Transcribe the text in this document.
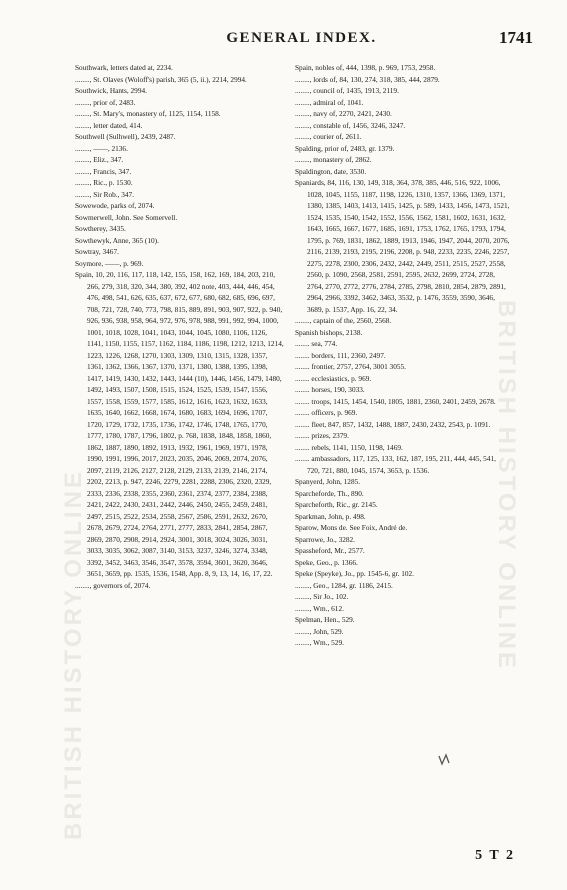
GENERAL INDEX.	1741

Southwark, letters dated at, 2234.

........, St. Olaves (Woloff's) parish, 365 (5, ii.), 2214, 2994.

Southwick, Hants, 2994.

........, prior of, 2483.

........, St. Mary's, monastery of, 1125, 1154, 1158.

........, letter dated, 414.

Southwell (Sulhwell), 2439, 2487.

........, ——, 2136.

........, Eliz., 347.

........, Francis, 347.

........, Ric., p. 1530.

........, Sir Rob., 347.

Sowewode, parks of, 2074.

Sowmerwell, John. See Somervell.

Sowtherey, 3435.

Sowthewyk, Anne, 365 (10).

Sowtray, 3467.

Soymore, ——, p. 969.

Spain, 10, 20, 116, 117, 118, 142, 155, 158, 162, 169, 184, 203, 210, 266, 279, 318, 320, 344, 380, 392, 402 note, 403, 444, 446, 454, 476, 498, 541, 626, 635, 637, 672, 677, 680, 682, 685, 696, 697, 708, 721, 728, 740, 773, 798, 815, 889, 891, 903, 907, 922, p. 940, 926, 936, 938, 958, 964, 972, 976, 978, 988, 991, 992, 994, 1000, 1001, 1018, 1028, 1041, 1043, 1044, 1045, 1080, 1106, 1126, 1141, 1150, 1155, 1157, 1162, 1184, 1186, 1198, 1212, 1213, 1214, 1223, 1226, 1268, 1270, 1303, 1309, 1310, 1315, 1328, 1357, 1361, 1362, 1366, 1367, 1370, 1371, 1380, 1388, 1395, 1398, 1417, 1419, 1430, 1432, 1443, 1444 (10), 1446, 1456, 1479, 1480, 1492, 1493, 1507, 1508, 1515, 1524, 1525, 1539, 1547, 1556, 1557, 1558, 1559, 1577, 1585, 1612, 1616, 1623, 1632, 1633, 1635, 1640, 1662, 1668, 1674, 1680, 1683, 1694, 1696, 1707, 1720, 1729, 1732, 1735, 1736, 1742, 1746, 1748, 1765, 1770, 1777, 1780, 1787, 1796, 1802, p. 768, 1838, 1848, 1858, 1860, 1862, 1887, 1890, 1892, 1913, 1932, 1961, 1969, 1971, 1978, 1990, 1991, 1996, 2017, 2023, 2035, 2046, 2069, 2074, 2076, 2097, 2119, 2126, 2127, 2128, 2129, 2133, 2139, 2146, 2174, 2202, 2213, p. 947, 2246, 2279, 2281, 2288, 2306, 2320, 2329, 2333, 2336, 2338, 2355, 2360, 2361, 2374, 2377, 2384, 2388, 2421, 2422, 2430, 2431, 2442, 2446, 2450, 2455, 2459, 2481, 2497, 2515, 2522, 2534, 2558, 2567, 2586, 2591, 2632, 2670, 2678, 2679, 2724, 2764, 2771, 2777, 2833, 2841, 2854, 2867, 2869, 2870, 2908, 2914, 2924, 3001, 3018, 3024, 3026, 3031, 3033, 3035, 3062, 3087, 3140, 3153, 3237, 3246, 3274, 3348, 3392, 3452, 3463, 3546, 3547, 3578, 3594, 3601, 3620, 3646, 3651, 3659, pp. 1535, 1536, 1548, App. 8, 9, 13, 14, 16, 17, 22.

........, governors of, 2074.

Spain, nobles of, 444, 1398, p. 969, 1753, 2958.

........, lords of, 84, 130, 274, 318, 385, 444, 2879.

........, council of, 1435, 1913, 2119.

........, admiral of, 1041.

........, navy of, 2270, 2421, 2430.

........, constable of, 1456, 3246, 3247.

........, courier of, 2611.

Spalding, prior of, 2483, gr. 1379.

........, monastery of, 2862.

Spaldington, date, 3530.

Spaniards, 84, 116, 130, 149, 318, 364, 378, 385, 446, 516, 922, 1006, 1028, 1045, 1155, 1187, 1198, 1226, 1310, 1357, 1366, 1369, 1371, 1380, 1385, 1403, 1413, 1415, 1425, p. 589, 1433, 1456, 1473, 1521, 1524, 1535, 1540, 1542, 1552, 1556, 1562, 1581, 1602, 1631, 1632, 1643, 1665, 1667, 1677, 1685, 1691, 1753, 1762, 1765, 1793, 1794, 1795, p. 769, 1831, 1862, 1889, 1913, 1946, 1947, 2044, 2070, 2076, 2116, 2139, 2193, 2195, 2196, 2208, p. 948, 2233, 2235, 2246, 2257, 2275, 2278, 2300, 2306, 2432, 2442, 2449, 2511, 2515, 2527, 2558, 2560, p. 1090, 2568, 2581, 2591, 2595, 2632, 2699, 2724, 2728, 2764, 2770, 2772, 2776, 2784, 2785, 2798, 2810, 2854, 2879, 2891, 2964, 2966, 3392, 3462, 3463, 3532, p. 1476, 3559, 3590, 3646, 3689, p. 1537, App. 16, 22, 34.

........, captain of the, 2560, 2568.

Spanish bishops, 2138.

........ sea, 774.

........ borders, 111, 2360, 2497.

........ frontier, 2757, 2764, 3001 3055.

........ ecclesiastics, p. 969.

........ horses, 190, 3033.

........ troops, 1415, 1454, 1540, 1805, 1881, 2360, 2401, 2459, 2678.

........ officers, p. 969.

........ fleet, 847, 857, 1432, 1488, 1887, 2430, 2432, 2543, p. 1091.

........ prizes, 2379.

........ rebels, 1141, 1150, 1198, 1469.

........ ambassadors, 117, 125, 133, 162, 187, 195, 211, 444, 445, 541, 720, 721, 880, 1045, 1574, 3653, p. 1536.

Spanyerd, John, 1285.

Sparcheforde, Th., 890.

Sparcheforth, Ric., gr. 2145.

Sparkman, John, p. 498.

Sparow, Mons de. See Foix, André de.

Sparrowe, Jo., 3282.

Spassheford, Mr., 2577.

Speke, Geo., p. 1366.

Speke (Speyke), Jo., pp. 1545-6, gr. 102.

........, Geo., 1284, gr. 1186, 2415.

........, Sir Jo., 102.

........, Wm., 612.

Spelman, Hen., 529.

........, John, 529.

........, Wm., 529.

5 T 2
BRITISH HISTORY ONLINE	BRITISH HISTORY ONLINE
